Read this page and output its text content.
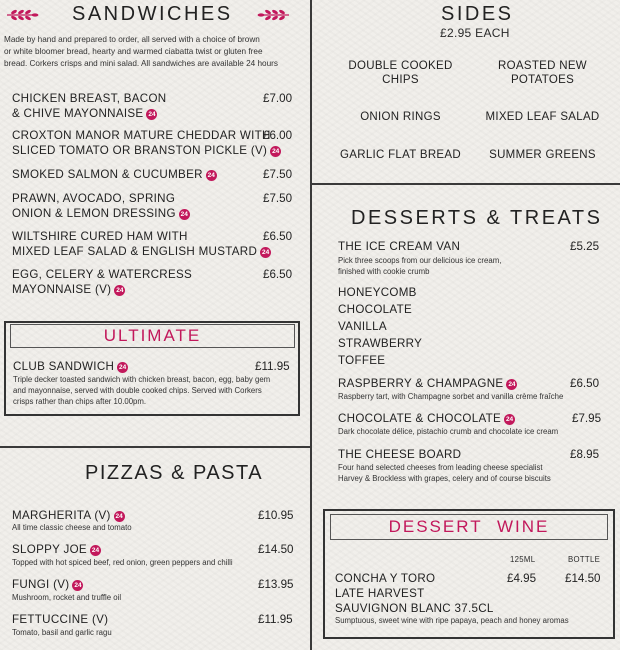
SANDWICHES
Made by hand and prepared to order, all served with a choice of brown
or white bloomer bread, hearty and warmed ciabatta twist or gluten free
bread. Corkers crisps and mini salad. All sandwiches are available 24 hours
CHICKEN BREAST, BACON
& CHIVE MAYONNAISE 24
£7.00
CROXTON MANOR MATURE CHEDDAR WITH
SLICED TOMATO OR BRANSTON PICKLE (V) 24
£6.00
SMOKED SALMON & CUCUMBER 24	£7.50
PRAWN, AVOCADO, SPRING
ONION & LEMON DRESSING 24
£7.50
WILTSHIRE CURED HAM WITH
MIXED LEAF SALAD & ENGLISH MUSTARD 24
£6.50
EGG, CELERY & WATERCRESS
MAYONNAISE (V) 24
£6.50
ULTIMATE
CLUB SANDWICH 24	£11.95
Triple decker toasted sandwich with chicken breast, bacon, egg, baby gem
and mayonnaise, served with double cooked chips. Served with Corkers
crisps rather than chips after 10.00pm.
PIZZAS & PASTA
MARGHERITA (V) 24	£10.95
All time classic cheese and tomato
SLOPPY JOE 24	£14.50
Topped with hot spiced beef, red onion, green peppers and chilli
FUNGI (V) 24	£13.95
Mushroom, rocket and truffle oil
FETTUCCINE (V)	£11.95
Tomato, basil and garlic ragu
SIDES
£2.95 EACH
DOUBLE COOKED
CHIPS
ROASTED NEW
POTATOES
ONION RINGS	MIXED LEAF SALAD
GARLIC FLAT BREAD	SUMMER GREENS
DESSERTS & TREATS
THE ICE CREAM VAN	£5.25
Pick three scoops from our delicious ice cream,
finished with cookie crumb
HONEYCOMB
CHOCOLATE
VANILLA
STRAWBERRY
TOFFEE
RASPBERRY & CHAMPAGNE 24	£6.50
Raspberry tart, with Champagne sorbet and vanilla crème fraîche
CHOCOLATE & CHOCOLATE 24	£7.95
Dark chocolate délice, pistachio crumb and chocolate ice cream
THE CHEESE BOARD	£8.95
Four hand selected cheeses from leading cheese specialist
Harvey & Brockless with grapes, celery and of course biscuits
DESSERT WINE
125ML	BOTTLE
CONCHA Y TORO
LATE HARVEST
SAUVIGNON BLANC 37.5CL
£4.95 £14.50
Sumptuous, sweet wine with ripe papaya, peach and honey aromas
